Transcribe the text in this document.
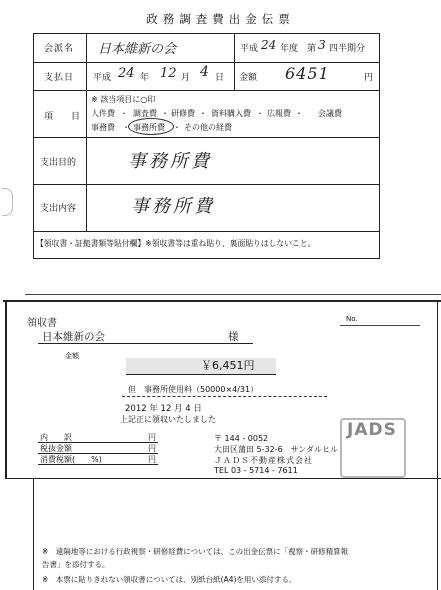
政務調査費出金伝票
会派名 日本維新の会	平成 24 年度 第 3 四半期分
支払日 平成 24 年 12 月 4 日 金額 6451	円
項　　目
※ 該当項目に○印
人件費 ・ 調査費 ・ 研修費 ・ 資料購入費 ・ 広報費 ・ 会議費
事務費 ・ 事務所費 ・ その他の経費
支出目的	事務所費
支出内容	事務所費
【領収書・証拠書類等貼付欄】※領収書等は重ね貼り、裏面貼りはしないこと。
領収書	No.
日本維新の会	様
金額
￥6,451円
但　事務所使用料（50000×4/31）
2012 年 12 月 4 日
上記正に領収いたしました
内　　訳	円
税抜金額	円
消費税額(　　%)	円
JADS
〒 144 - 0052
大田区蒲田 5-32-6　サンダルヒル
ＪＡＤＳ不動産株式会社
TEL 03 - 5714 - 7611
※　遠隔地等における行政視察・研修経費については、この出金伝票に「視察・研修精算報告書」を添付する。
※　本票に貼りきれない領収書については、別紙台紙(A4)を用い添付する。
